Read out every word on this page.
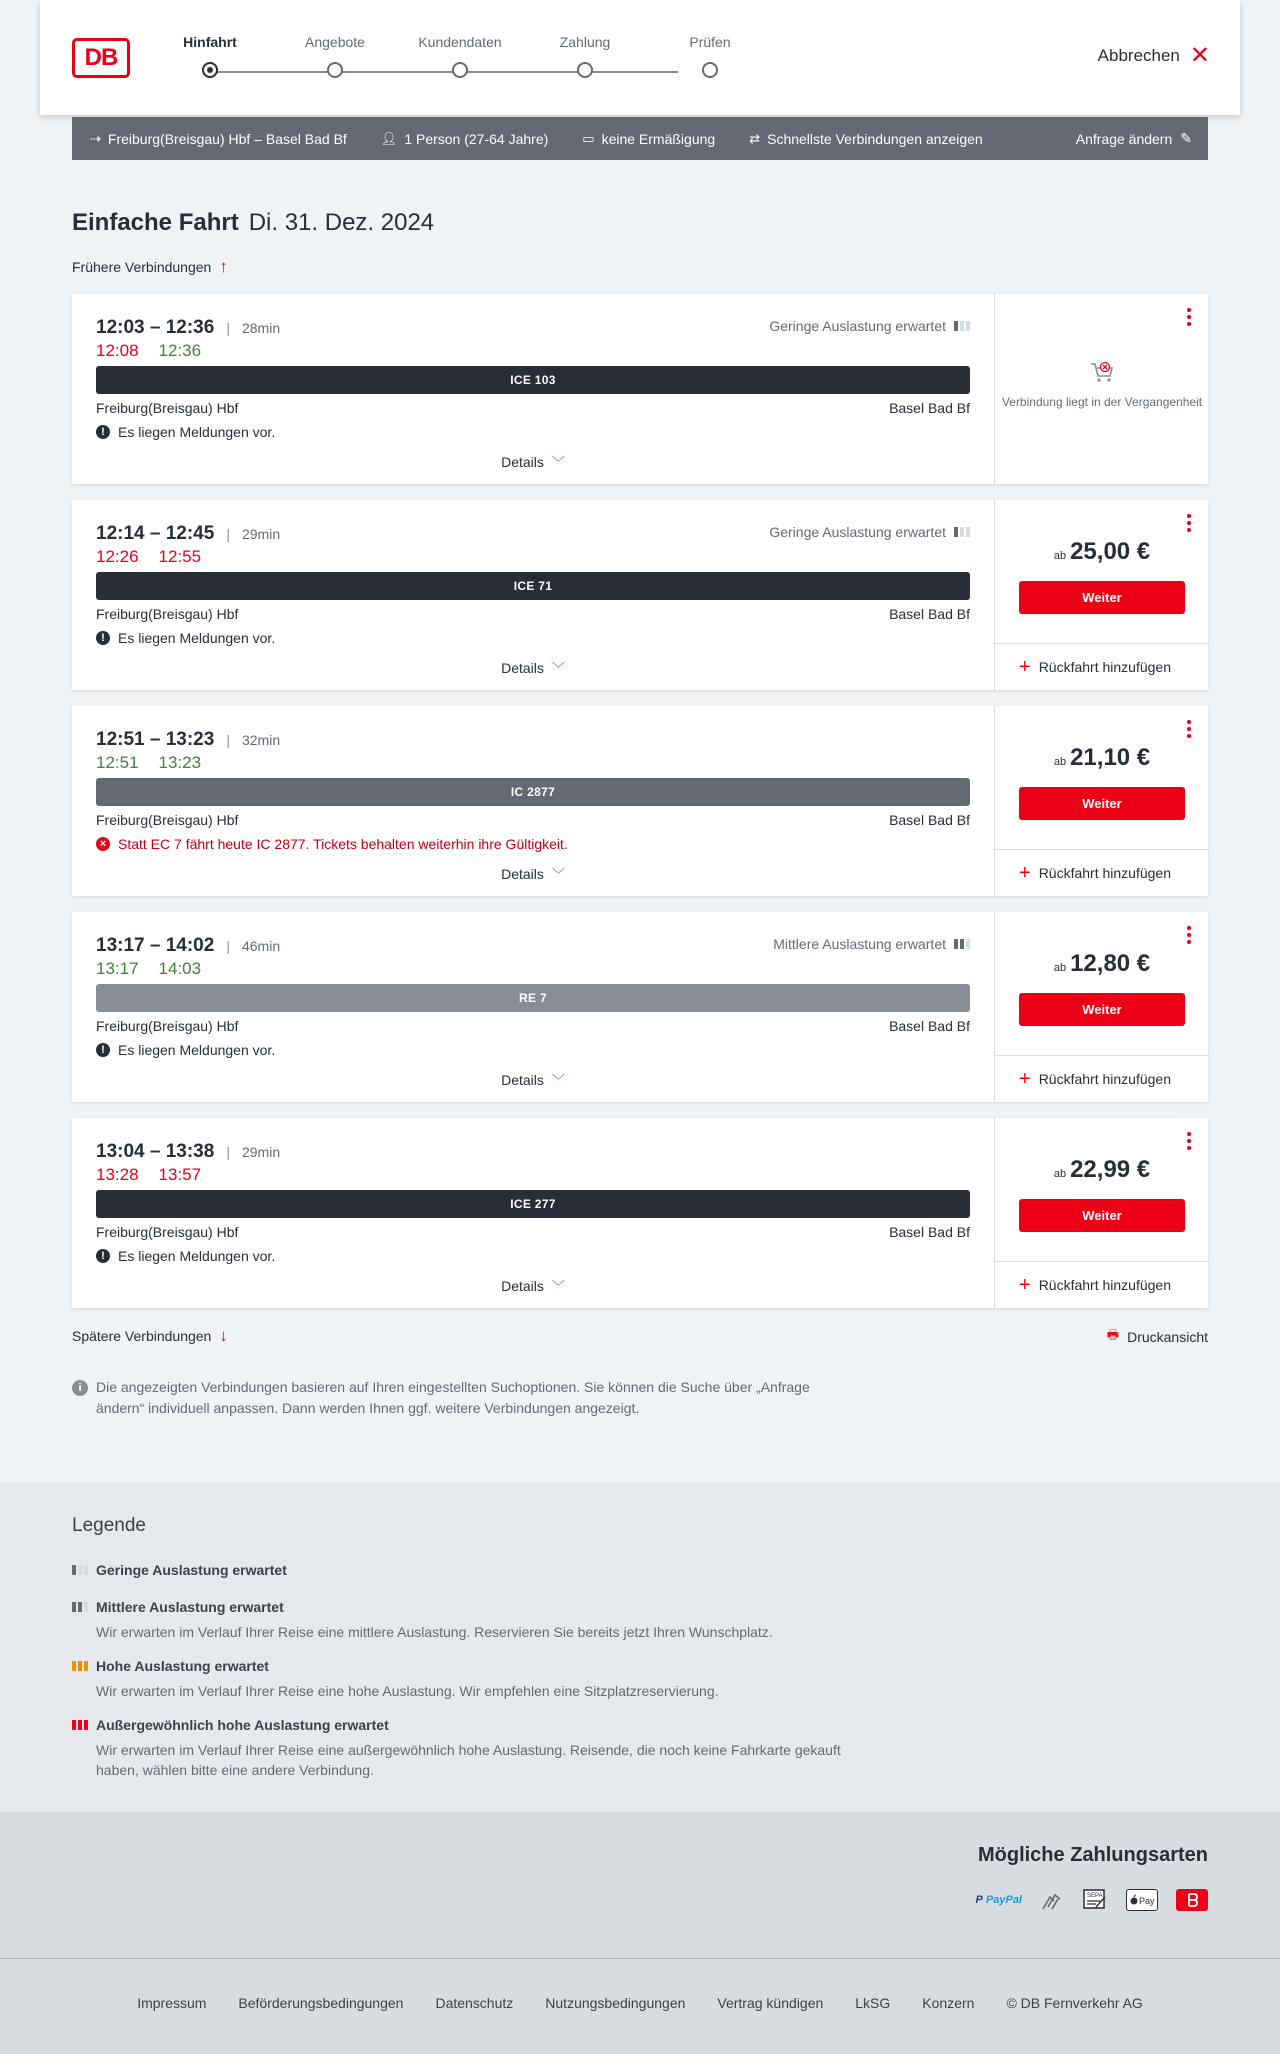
DB
Hinfahrt	Angebote	Kundendaten	Zahlung	Prüfen
Abbrechen ✕
⇢ Freiburg(Breisgau) Hbf – Basel Bad Bf	👤︎ 1 Person (27-64 Jahre)	▭ keine Ermäßigung	⇄ Schnellste Verbindungen anzeigen	Anfrage ändern ✎
Einfache Fahrt Di. 31. Dez. 2024
Frühere Verbindungen ↑
12:03 – 12:36	| 28min
12:08 12:36
Geringe Auslastung erwartet
ICE 103
Freiburg(Breisgau) Hbf	Basel Bad Bf
! Es liegen Meldungen vor.
Details ﹀
Verbindung liegt in der Vergangenheit
12:14 – 12:45	| 29min
12:26 12:55
Geringe Auslastung erwartet
ICE 71
Freiburg(Breisgau) Hbf	Basel Bad Bf
! Es liegen Meldungen vor.
Details ﹀
ab 25,00 €
Weiter
+ Rückfahrt hinzufügen
12:51 – 13:23	| 32min
12:51 13:23
IC 2877
Freiburg(Breisgau) Hbf	Basel Bad Bf
× Statt EC 7 fährt heute IC 2877. Tickets behalten weiterhin ihre Gültigkeit.
Details ﹀
ab 21,10 €
Weiter
+ Rückfahrt hinzufügen
13:17 – 14:02	| 46min
13:17 14:03
Mittlere Auslastung erwartet
RE 7
Freiburg(Breisgau) Hbf	Basel Bad Bf
! Es liegen Meldungen vor.
Details ﹀
ab 12,80 €
Weiter
+ Rückfahrt hinzufügen
13:04 – 13:38	| 29min
13:28 13:57
ICE 277
Freiburg(Breisgau) Hbf	Basel Bad Bf
! Es liegen Meldungen vor.
Details ﹀
ab 22,99 €
Weiter
+ Rückfahrt hinzufügen
Spätere Verbindungen ↓	🖶︎ Druckansicht
i	Die angezeigten Verbindungen basieren auf Ihren eingestellten Suchoptionen. Sie können die Suche über „Anfrage ändern“ individuell anpassen. Dann werden Ihnen ggf. weitere Verbindungen angezeigt.
Legende
Geringe Auslastung erwartet
Mittlere Auslastung erwartet
Wir erwarten im Verlauf Ihrer Reise eine mittlere Auslastung. Reservieren Sie bereits jetzt Ihren Wunschplatz.
Hohe Auslastung erwartet
Wir erwarten im Verlauf Ihrer Reise eine hohe Auslastung. Wir empfehlen eine Sitzplatzreservierung.
Außergewöhnlich hohe Auslastung erwartet
Wir erwarten im Verlauf Ihrer Reise eine außergewöhnlich hohe Auslastung. Reisende, die noch keine Fahrkarte gekauft haben, wählen bitte eine andere Verbindung.
Mögliche Zahlungsarten
P
PayPal	SEPA	Pay
Impressum Beförderungsbedingungen Datenschutz Nutzungsbedingungen Vertrag kündigen LkSG Konzern © DB Fernverkehr AG
